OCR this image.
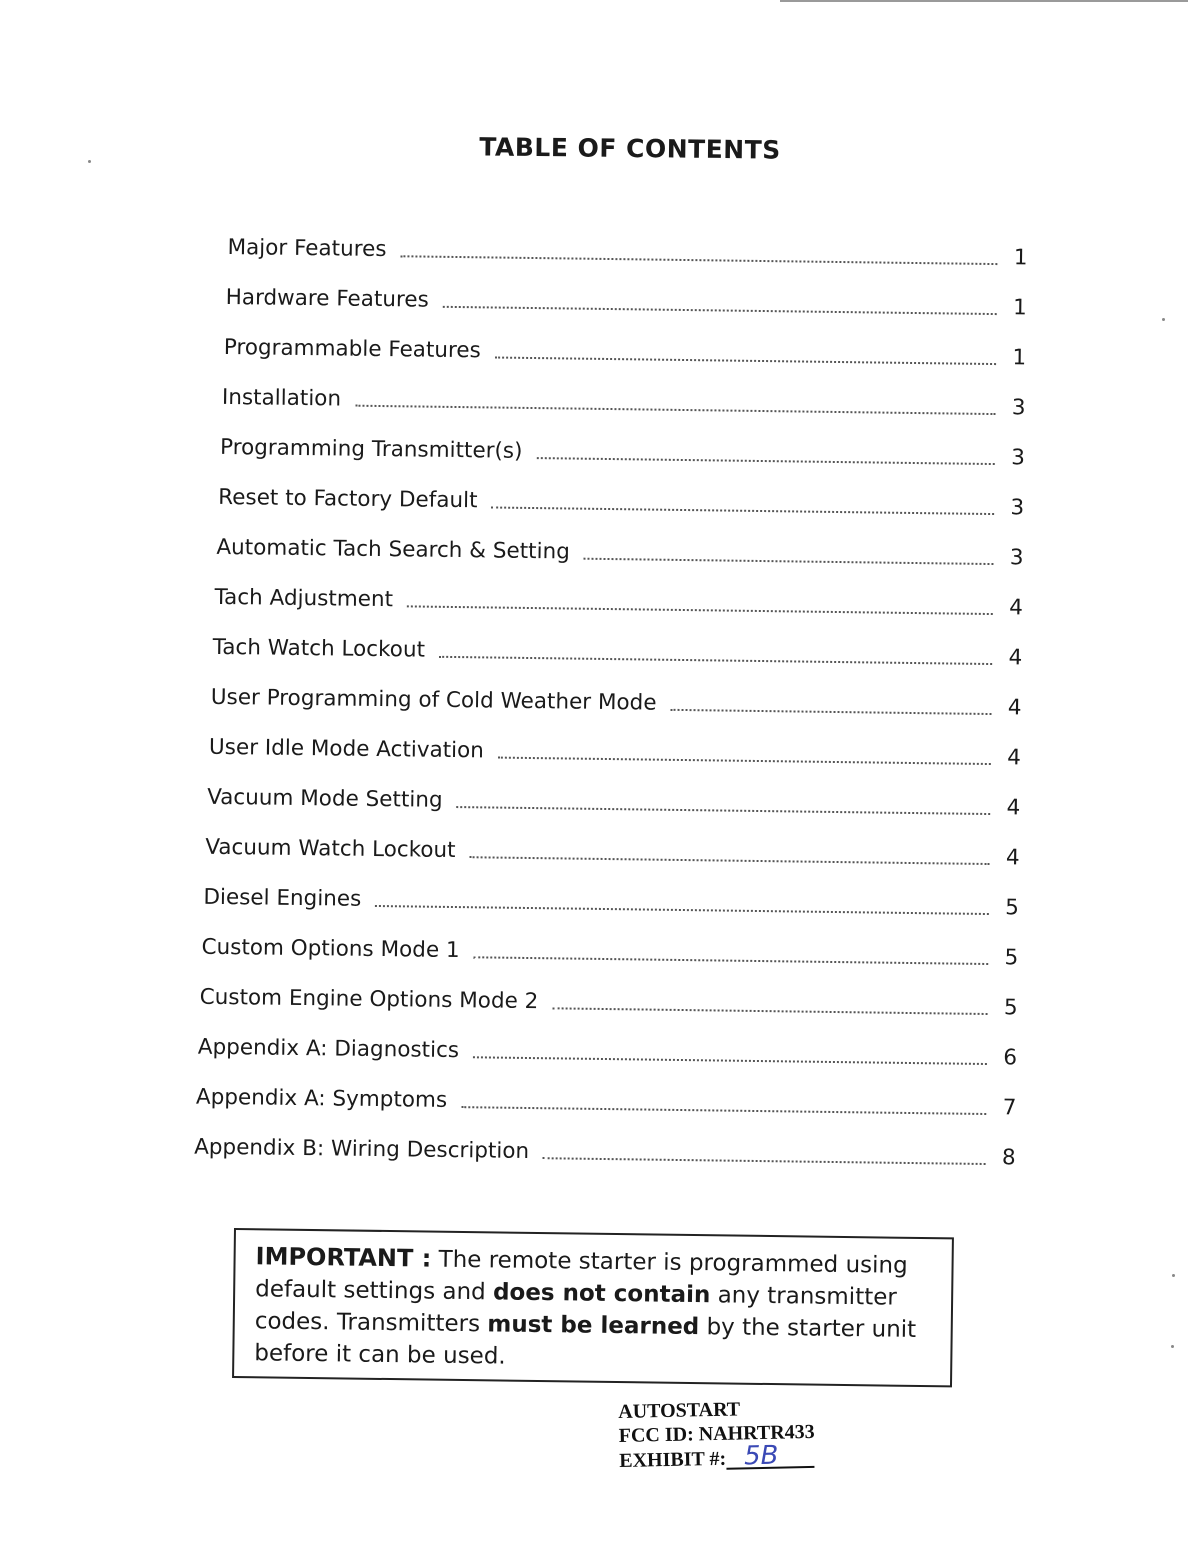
TABLE OF CONTENTS
Major Features	1
Hardware Features	1
Programmable Features	1
Installation	3
Programming Transmitter(s)	3
Reset to Factory Default	3
Automatic Tach Search & Setting	3
Tach Adjustment	4
Tach Watch Lockout	4
User Programming of Cold Weather Mode	4
User Idle Mode Activation	4
Vacuum Mode Setting	4
Vacuum Watch Lockout	4
Diesel Engines	5
Custom Options Mode 1	5
Custom Engine Options Mode 2	5
Appendix A: Diagnostics	6
Appendix A: Symptoms	7
Appendix B: Wiring Description	8
IMPORTANT : The remote starter is programmed using default settings and does not contain any transmitter codes. Transmitters must be learned by the starter unit before it can be used.
AUTOSTART
FCC ID: NAHRTR433
EXHIBIT #: 5B
